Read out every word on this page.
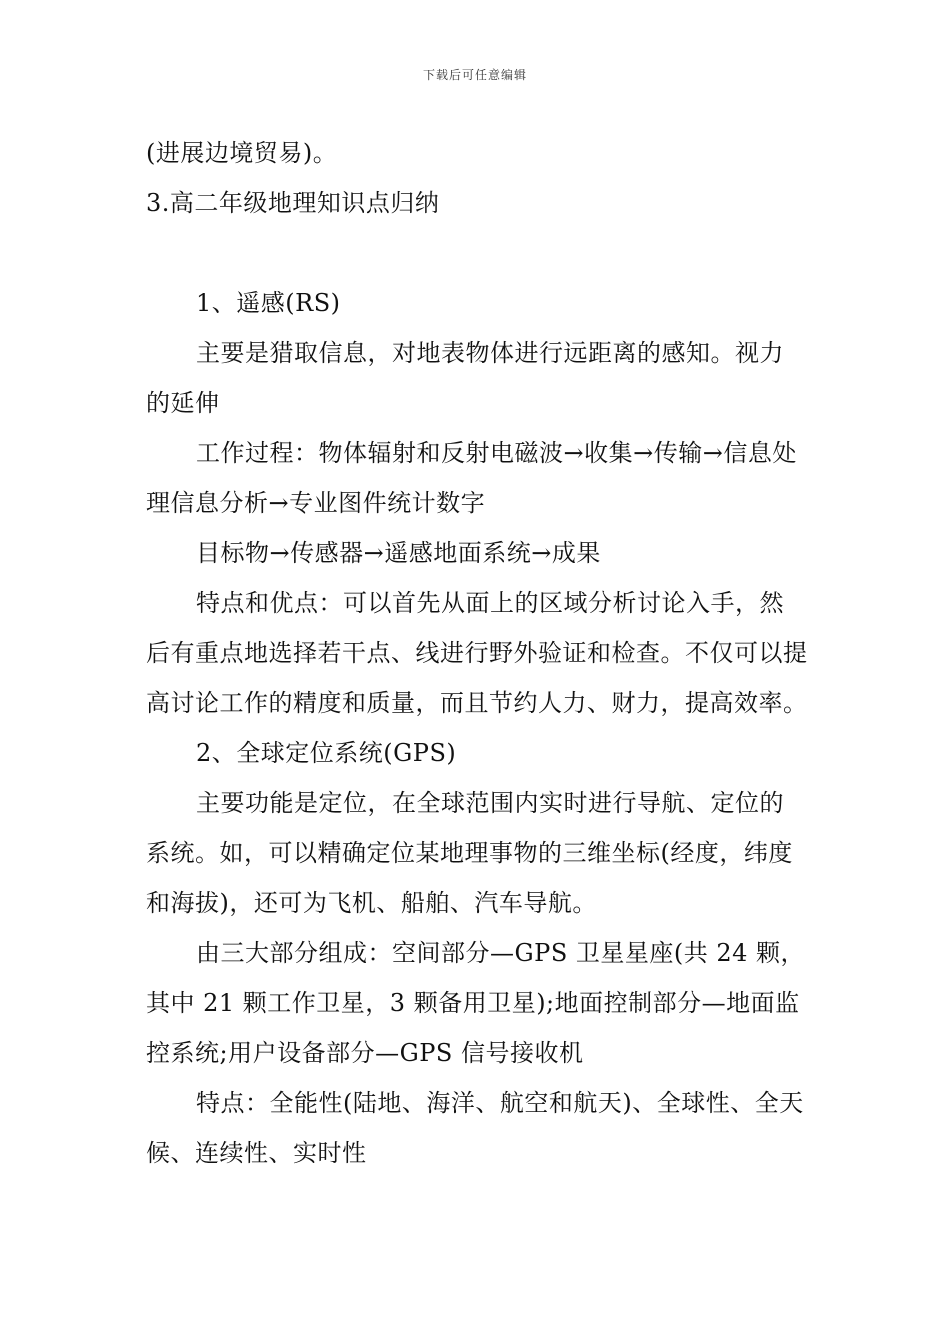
下载后可任意编辑

(进展边境贸易)。

3.高二年级地理知识点归纳

1、遥感(RS)

主要是猎取信息，对地表物体进行远距离的感知。视力的延伸

工作过程：物体辐射和反射电磁波→收集→传输→信息处理信息分析→专业图件统计数字

目标物→传感器→遥感地面系统→成果

特点和优点：可以首先从面上的区域分析讨论入手，然后有重点地选择若干点、线进行野外验证和检查。不仅可以提高讨论工作的精度和质量，而且节约人力、财力，提高效率。

2、全球定位系统(GPS)

主要功能是定位，在全球范围内实时进行导航、定位的系统。如，可以精确定位某地理事物的三维坐标(经度，纬度和海拔)，还可为飞机、船舶、汽车导航。

由三大部分组成：空间部分—GPS 卫星星座(共 24 颗，其中 21 颗工作卫星，3 颗备用卫星);地面控制部分—地面监控系统;用户设备部分—GPS 信号接收机

特点：全能性(陆地、海洋、航空和航天)、全球性、全天候、连续性、实时性
